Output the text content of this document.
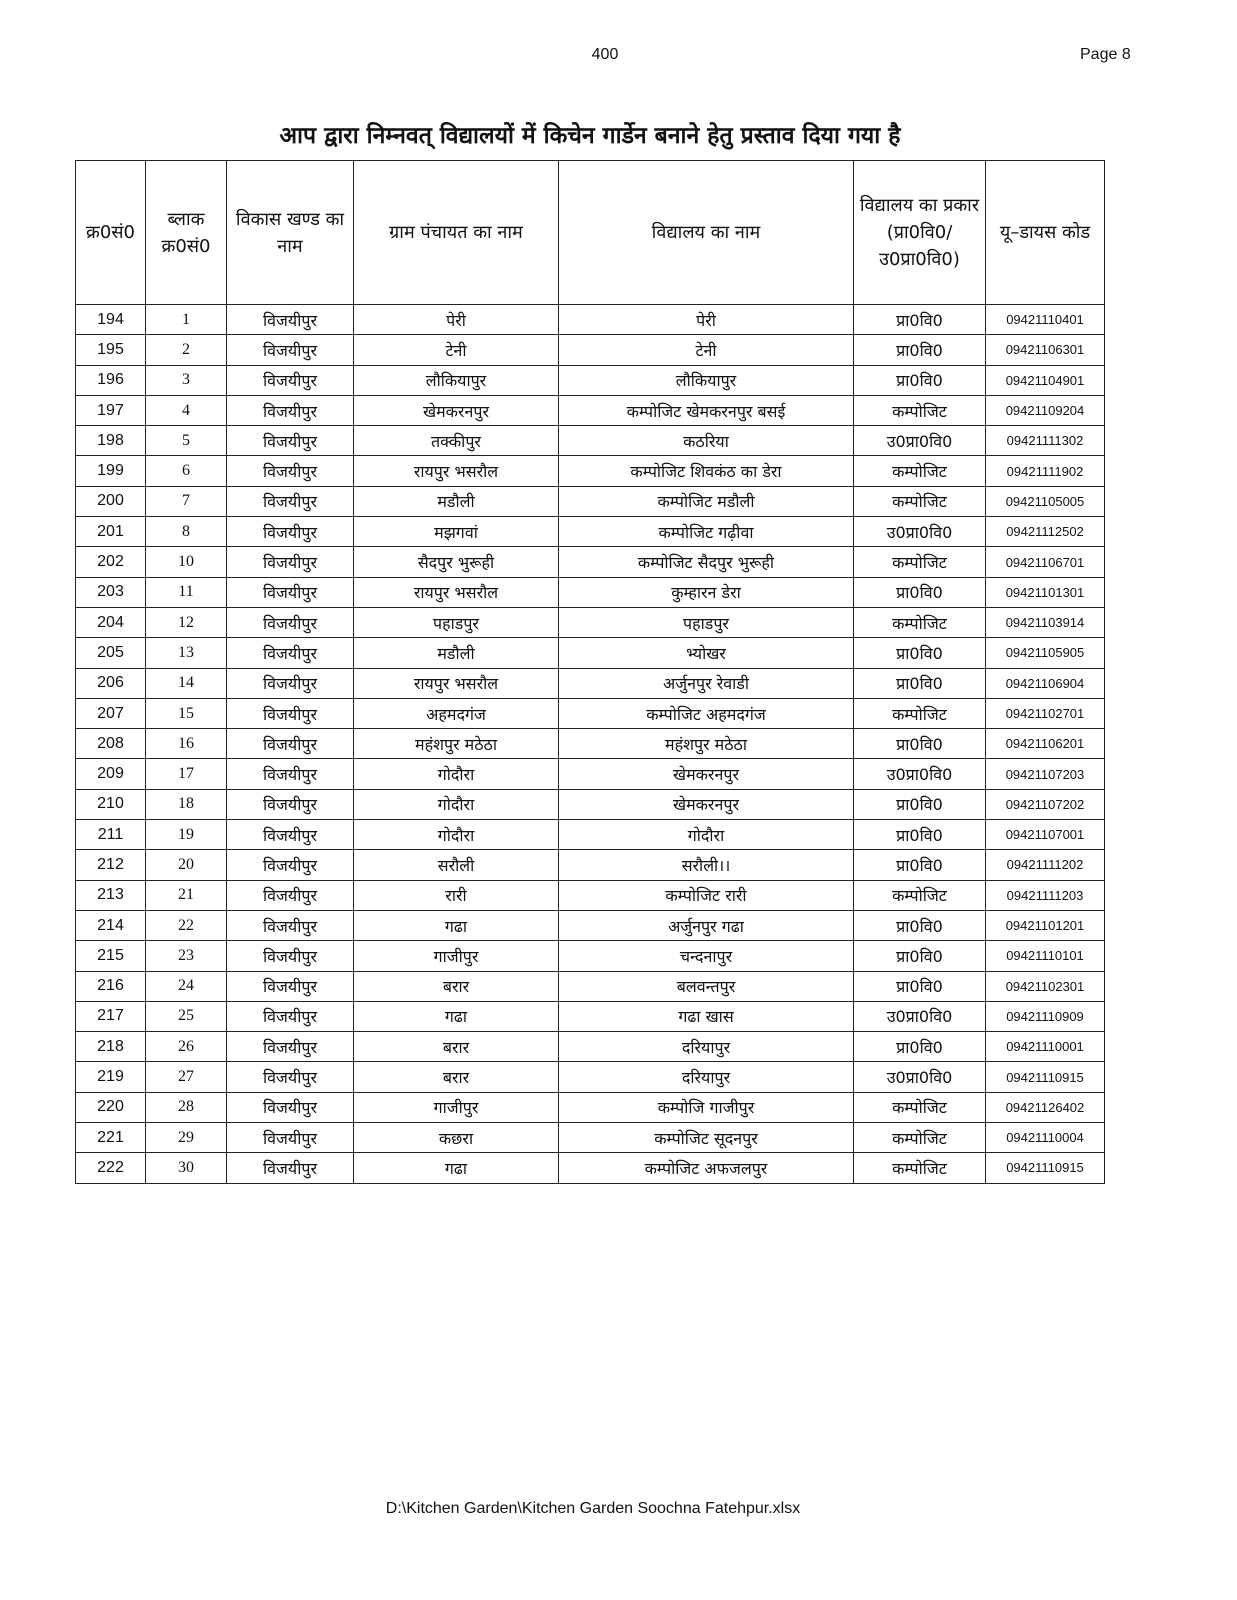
400	Page 8
आप द्वारा निम्नवत् विद्यालयों में किचेन गार्डेन बनाने हेतु प्रस्ताव दिया गया है
क्र0सं0	ब्लाक क्र0सं0	विकास खण्ड का नाम	ग्राम पंचायत का नाम	विद्यालय का नाम	विद्यालय का प्रकार (प्रा0वि0/उ0प्रा0वि0)	यू–डायस कोड
194	1	विजयीपुर	पेरी	पेरी	प्रा0वि0	09421110401
195	2	विजयीपुर	टेनी	टेनी	प्रा0वि0	09421106301
196	3	विजयीपुर	लौकियापुर	लौकियापुर	प्रा0वि0	09421104901
197	4	विजयीपुर	खेमकरनपुर	कम्पोजिट खेमकरनपुर बसई	कम्पोजिट	09421109204
198	5	विजयीपुर	तक्कीपुर	कठरिया	उ0प्रा0वि0	09421111302
199	6	विजयीपुर	रायपुर भसरौल	कम्पोजिट शिवकंठ का डेरा	कम्पोजिट	09421111902
200	7	विजयीपुर	मडौली	कम्पोजिट मडौली	कम्पोजिट	09421105005
201	8	विजयीपुर	मझगवां	कम्पोजिट गढ़ीवा	उ0प्रा0वि0	09421112502
202	10	विजयीपुर	सैदपुर भुरूही	कम्पोजिट सैदपुर भुरूही	कम्पोजिट	09421106701
203	11	विजयीपुर	रायपुर भसरौल	कुम्हारन डेरा	प्रा0वि0	09421101301
204	12	विजयीपुर	पहाडपुर	पहाडपुर	कम्पोजिट	09421103914
205	13	विजयीपुर	मडौली	भ्योखर	प्रा0वि0	09421105905
206	14	विजयीपुर	रायपुर भसरौल	अर्जुनपुर रेवाडी	प्रा0वि0	09421106904
207	15	विजयीपुर	अहमदगंज	कम्पोजिट अहमदगंज	कम्पोजिट	09421102701
208	16	विजयीपुर	महंशपुर मठेठा	महंशपुर मठेठा	प्रा0वि0	09421106201
209	17	विजयीपुर	गोदौरा	खेमकरनपुर	उ0प्रा0वि0	09421107203
210	18	विजयीपुर	गोदौरा	खेमकरनपुर	प्रा0वि0	09421107202
211	19	विजयीपुर	गोदौरा	गोदौरा	प्रा0वि0	09421107001
212	20	विजयीपुर	सरौली	सरौली।।	प्रा0वि0	09421111202
213	21	विजयीपुर	रारी	कम्पोजिट रारी	कम्पोजिट	09421111203
214	22	विजयीपुर	गढा	अर्जुनपुर गढा	प्रा0वि0	09421101201
215	23	विजयीपुर	गाजीपुर	चन्दनापुर	प्रा0वि0	09421110101
216	24	विजयीपुर	बरार	बलवन्तपुर	प्रा0वि0	09421102301
217	25	विजयीपुर	गढा	गढा खास	उ0प्रा0वि0	09421110909
218	26	विजयीपुर	बरार	दरियापुर	प्रा0वि0	09421110001
219	27	विजयीपुर	बरार	दरियापुर	उ0प्रा0वि0	09421110915
220	28	विजयीपुर	गाजीपुर	कम्पोजि गाजीपुर	कम्पोजिट	09421126402
221	29	विजयीपुर	कछरा	कम्पोजिट सूदनपुर	कम्पोजिट	09421110004
222	30	विजयीपुर	गढा	कम्पोजिट अफजलपुर	कम्पोजिट	09421110915
D:\Kitchen Garden\Kitchen Garden Soochna Fatehpur.xlsx
